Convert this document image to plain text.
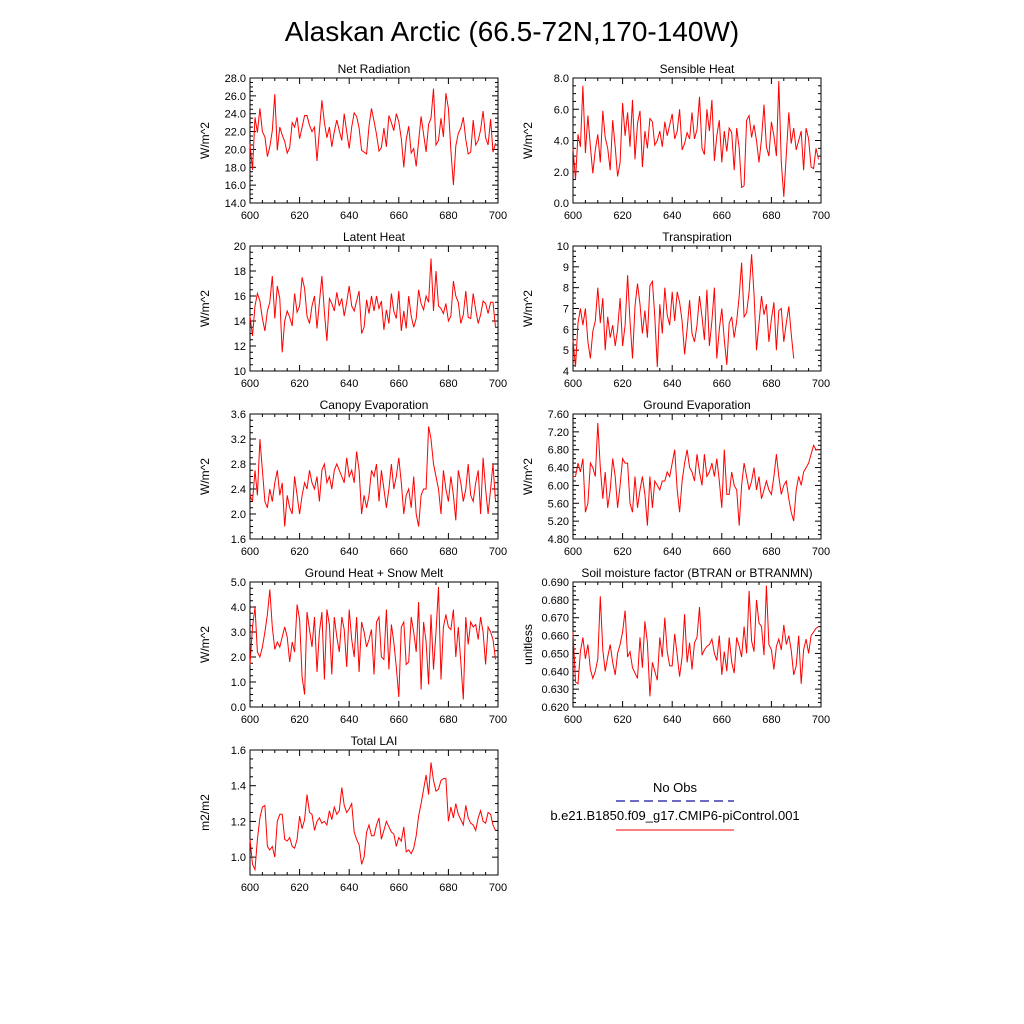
Alaskan Arctic (66.5-72N,170-140W)
Net Radiation
W/m^2
600	620	640	660	680	700
14.0
16.0
18.0
20.0
22.0
24.0
26.0
28.0
Sensible Heat
W/m^2
600	620	640	660	680	700
0.0
2.0
4.0
6.0
8.0
Latent Heat
W/m^2
600	620	640	660	680	700
10
12
14
16
18
20
Transpiration
W/m^2
600	620	640	660	680	700
4
5
6
7
8
9
10
Canopy Evaporation
W/m^2
600	620	640	660	680	700
1.6
2.0
2.4
2.8
3.2
3.6
Ground Evaporation
W/m^2
600	620	640	660	680	700
4.80
5.20
5.60
6.00
6.40
6.80
7.20
7.60
Ground Heat + Snow Melt
W/m^2
600	620	640	660	680	700
0.0
1.0
2.0
3.0
4.0
5.0
Soil moisture factor (BTRAN or BTRANMN)
unitless
600	620	640	660	680	700
0.620
0.630
0.640
0.650
0.660
0.670
0.680
0.690
Total LAI
m2/m2
600	620	640	660	680	700
1.0
1.2
1.4
1.6
No Obs
b.e21.B1850.f09_g17.CMIP6-piControl.001
